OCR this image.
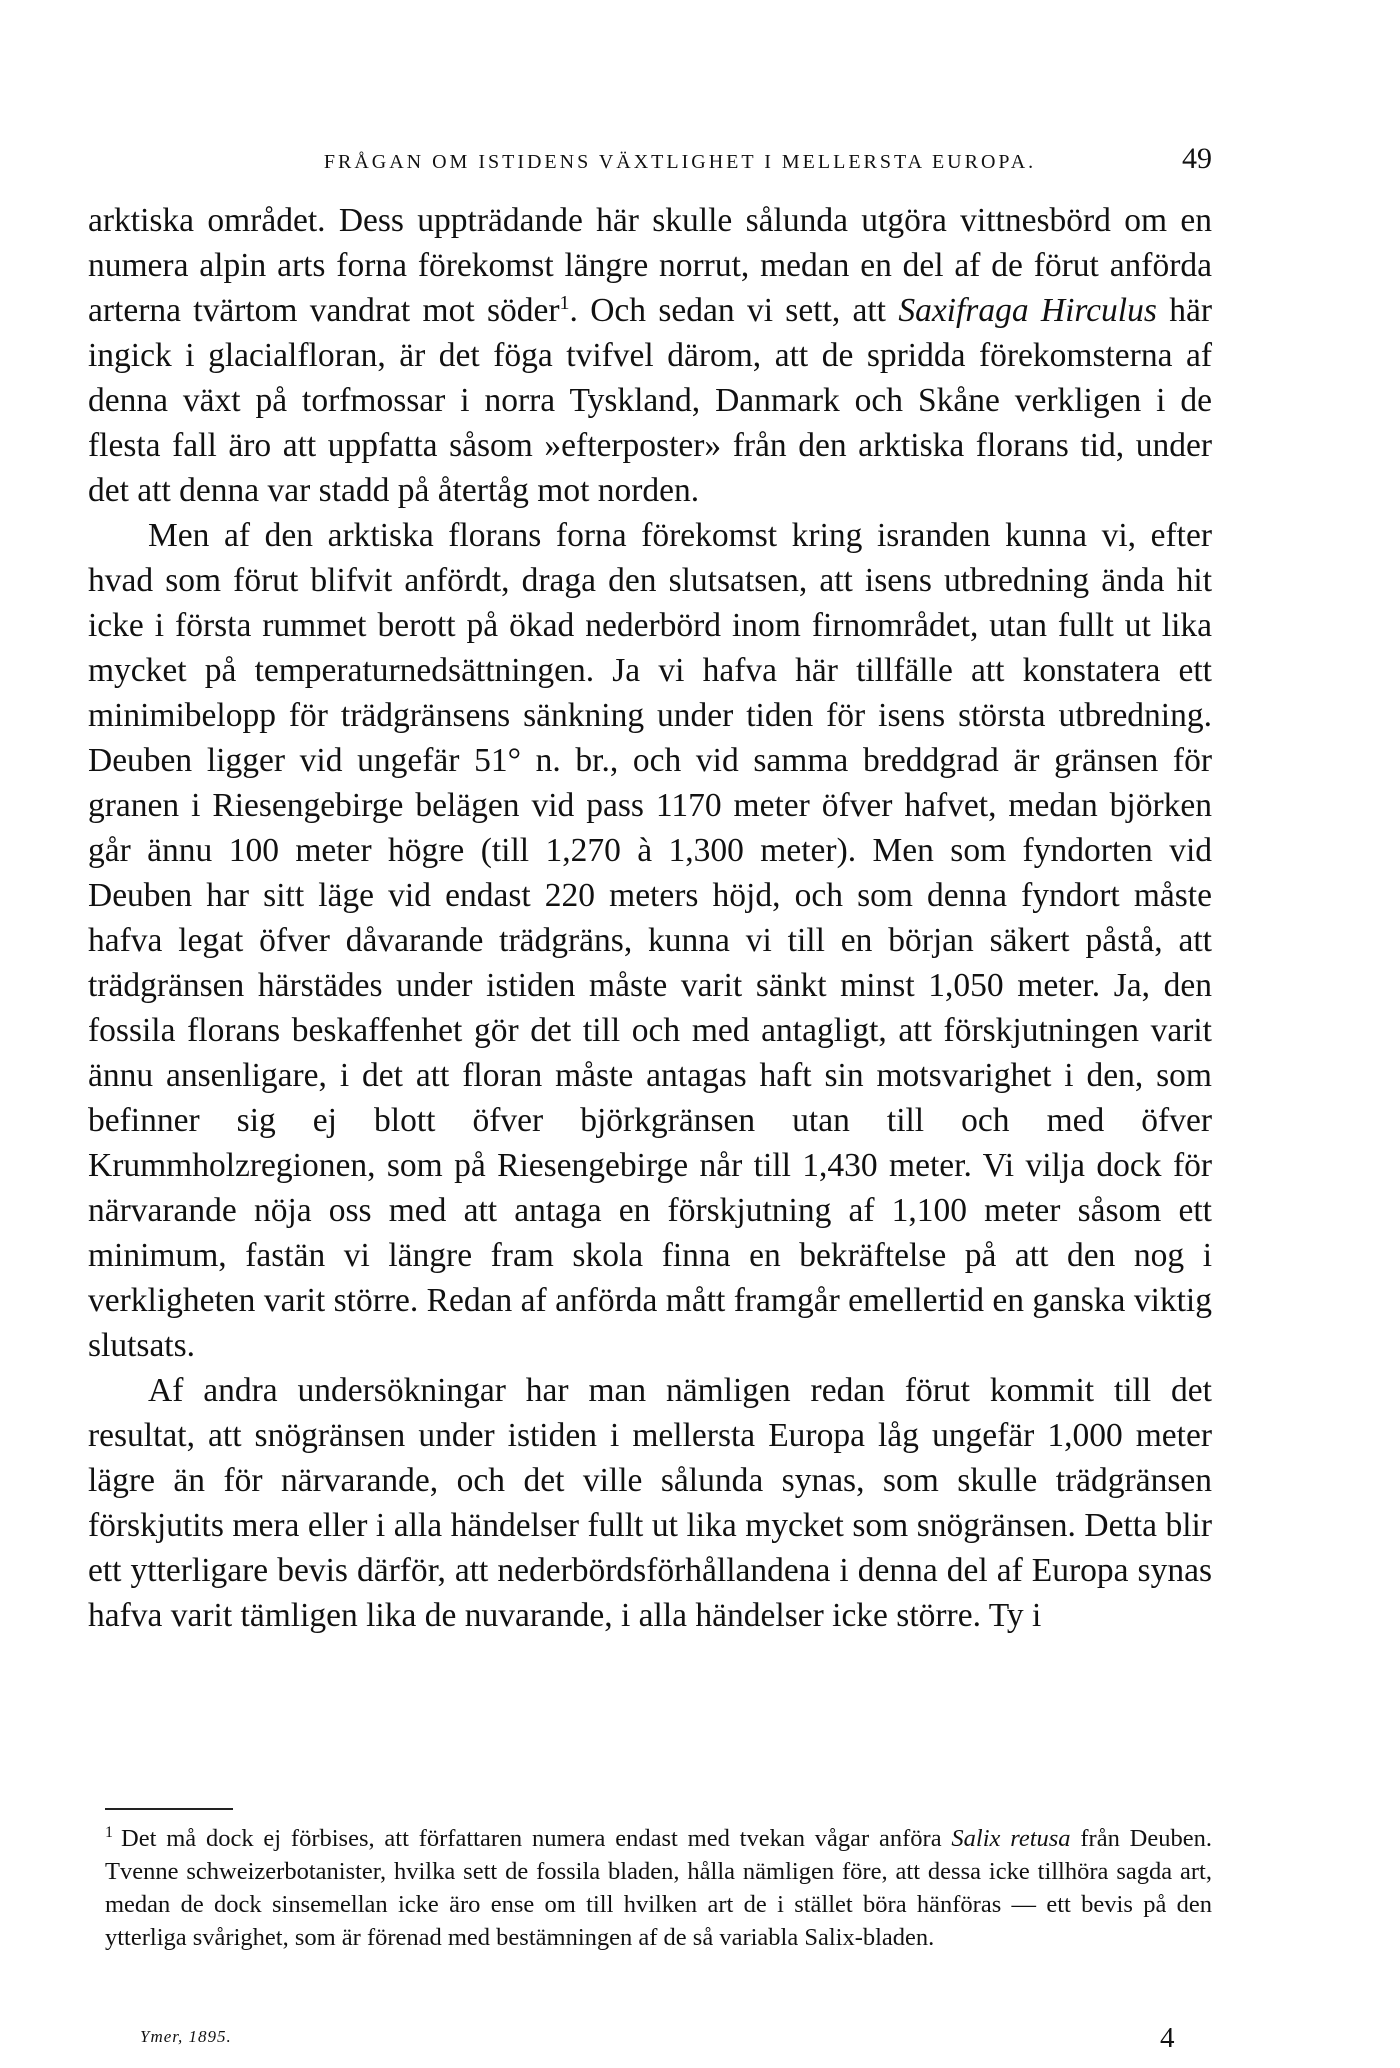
FRÅGAN OM ISTIDENS VÄXTLIGHET I MELLERSTA EUROPA.	49

arktiska området. Dess uppträdande här skulle sålunda utgöra vittnesbörd om en numera alpin arts forna förekomst längre norrut, medan en del af de förut anförda arterna tvärtom vandrat mot söder$^1$. Och sedan vi sett, att Saxifraga Hirculus här ingick i glacialfloran, är det föga tvifvel därom, att de spridda förekomsterna af denna växt på torfmossar i norra Tyskland, Danmark och Skåne verkligen i de flesta fall äro att uppfatta såsom »efterposter» från den arktiska florans tid, under det att denna var stadd på återtåg mot norden.

Men af den arktiska florans forna förekomst kring isranden kunna vi, efter hvad som förut blifvit anfördt, draga den slutsatsen, att isens utbredning ända hit icke i första rummet berott på ökad nederbörd inom firnområdet, utan fullt ut lika mycket på temperaturnedsättningen. Ja vi hafva här tillfälle att konstatera ett minimibelopp för trädgränsens sänkning under tiden för isens största utbredning. Deuben ligger vid ungefär 51° n. br., och vid samma breddgrad är gränsen för granen i Riesengebirge belägen vid pass 1170 meter öfver hafvet, medan björken går ännu 100 meter högre (till 1,270 à 1,300 meter). Men som fyndorten vid Deuben har sitt läge vid endast 220 meters höjd, och som denna fyndort måste hafva legat öfver dåvarande trädgräns, kunna vi till en början säkert påstå, att trädgränsen härstädes under istiden måste varit sänkt minst 1,050 meter. Ja, den fossila florans beskaffenhet gör det till och med antagligt, att förskjutningen varit ännu ansenligare, i det att floran måste antagas haft sin motsvarighet i den, som befinner sig ej blott öfver björkgränsen utan till och med öfver Krummholzregionen, som på Riesengebirge når till 1,430 meter. Vi vilja dock för närvarande nöja oss med att antaga en förskjutning af 1,100 meter såsom ett minimum, fastän vi längre fram skola finna en bekräftelse på att den nog i verkligheten varit större. Redan af anförda mått framgår emellertid en ganska viktig slutsats.

Af andra undersökningar har man nämligen redan förut kommit till det resultat, att snögränsen under istiden i mellersta Europa låg ungefär 1,000 meter lägre än för närvarande, och det ville sålunda synas, som skulle trädgränsen förskjutits mera eller i alla händelser fullt ut lika mycket som snögränsen. Detta blir ett ytterligare bevis därför, att nederbördsförhållandena i denna del af Europa synas hafva varit tämligen lika de nuvarande, i alla händelser icke större. Ty i

$^1$ Det må dock ej förbises, att författaren numera endast med tvekan vågar anföra Salix retusa från Deuben. Tvenne schweizerbotanister, hvilka sett de fossila bladen, hålla nämligen före, att dessa icke tillhöra sagda art, medan de dock sinsemellan icke äro ense om till hvilken art de i stället böra hänföras — ett bevis på den ytterliga svårighet, som är förenad med bestämningen af de så variabla Salix-bladen.

Ymer, 1895.	4
